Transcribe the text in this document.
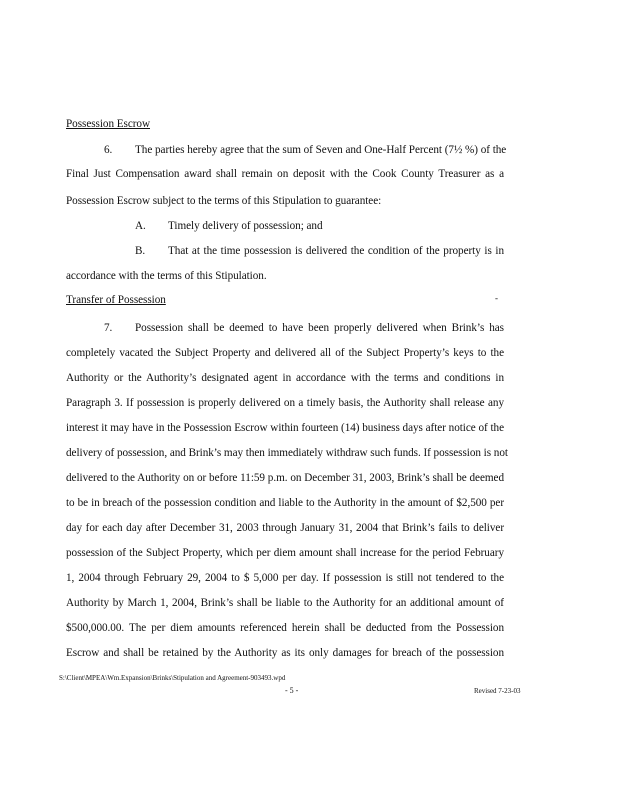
Possession Escrow
6. The parties hereby agree that the sum of Seven and One-Half Percent (7½ %) of the
Final Just Compensation award shall remain on deposit with the Cook County Treasurer as a
Possession Escrow subject to the terms of this Stipulation to guarantee:
A. Timely delivery of possession; and
B. That at the time possession is delivered the condition of the property is in
accordance with the terms of this Stipulation.
Transfer of Possession	-
7. Possession shall be deemed to have been properly delivered when Brink’s has
completely vacated the Subject Property and delivered all of the Subject Property’s keys to the
Authority or the Authority’s designated agent in accordance with the terms and conditions in
Paragraph 3. If possession is properly delivered on a timely basis, the Authority shall release any
interest it may have in the Possession Escrow within fourteen (14) business days after notice of the
delivery of possession, and Brink’s may then immediately withdraw such funds. If possession is not
delivered to the Authority on or before 11:59 p.m. on December 31, 2003, Brink’s shall be deemed
to be in breach of the possession condition and liable to the Authority in the amount of $2,500 per
day for each day after December 31, 2003 through January 31, 2004 that Brink’s fails to deliver
possession of the Subject Property, which per diem amount shall increase for the period February
1, 2004 through February 29, 2004 to $ 5,000 per day. If possession is still not tendered to the
Authority by March 1, 2004, Brink’s shall be liable to the Authority for an additional amount of
$500,000.00. The per diem amounts referenced herein shall be deducted from the Possession
Escrow and shall be retained by the Authority as its only damages for breach of the possession
S:\Client\MPEA\Wm.Expansion\Brinks\Stipulation and Agreement-903493.wpd
- 5 -	Revised 7-23-03
